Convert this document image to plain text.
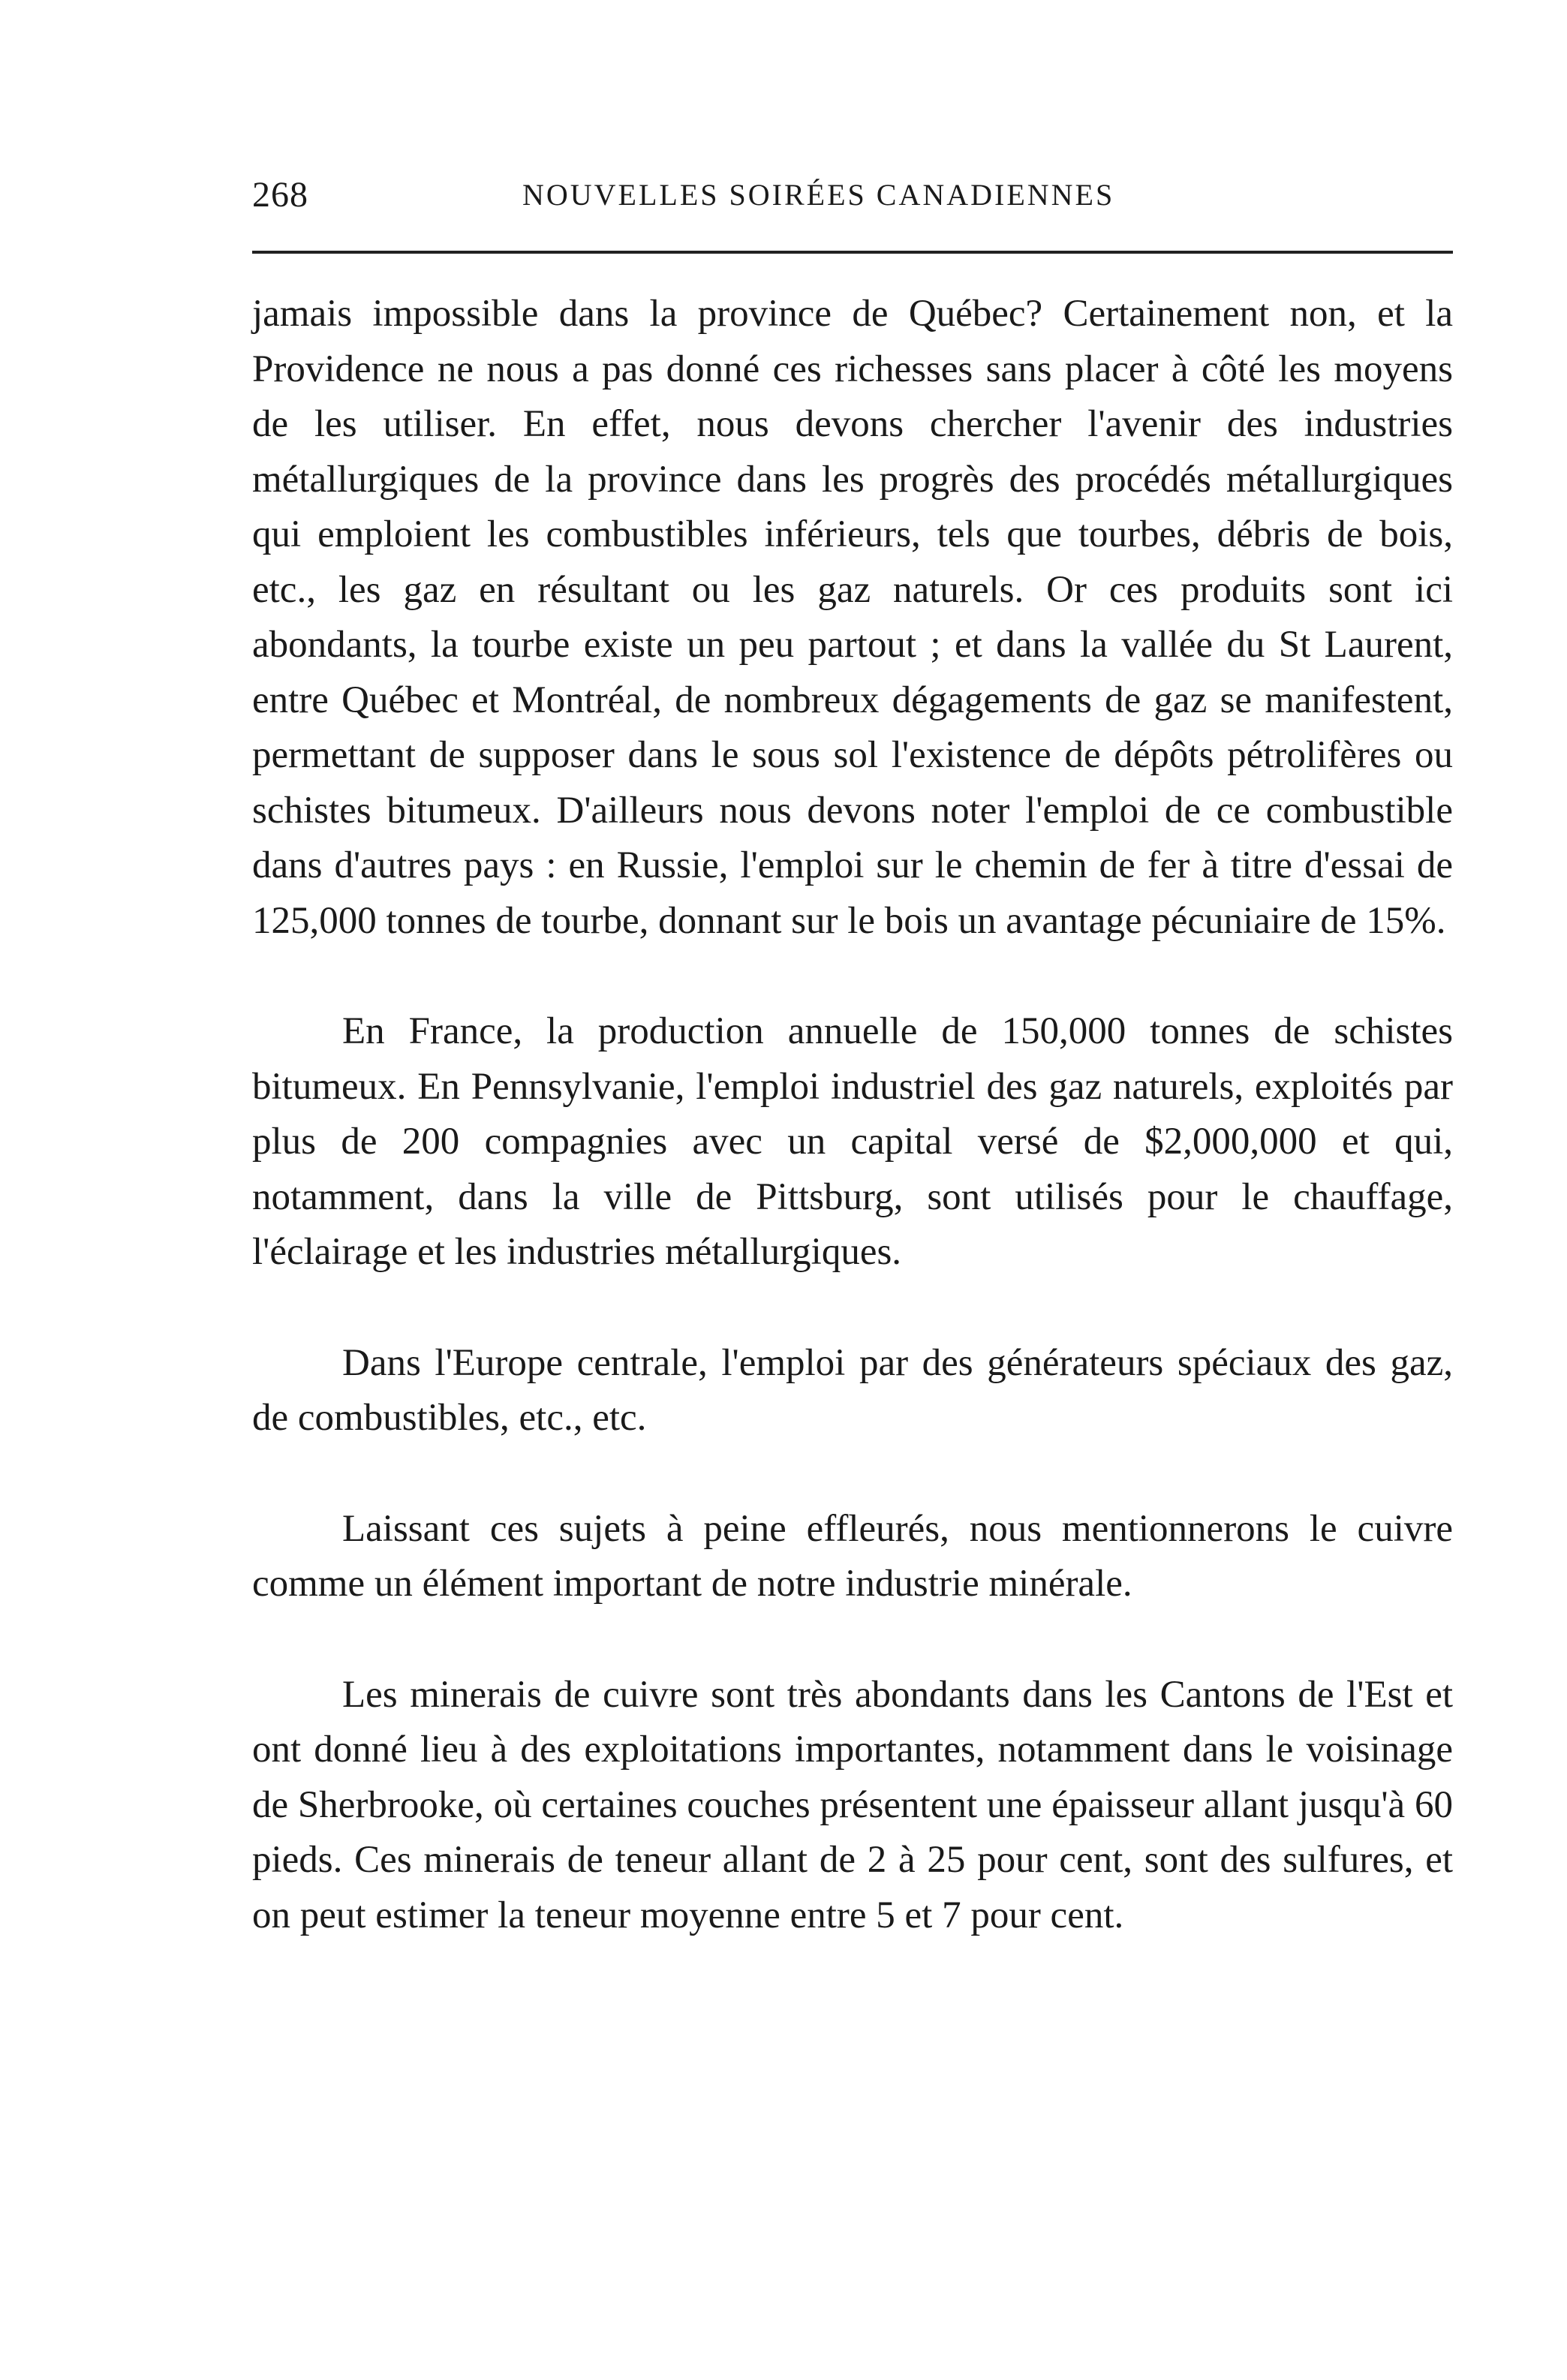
268	NOUVELLES SOIRÉES CANADIENNES

jamais impossible dans la province de Québec? Certainement non, et la Providence ne nous a pas donné ces richesses sans placer à côté les moyens de les utiliser. En effet, nous devons chercher l'avenir des industries métallurgiques de la province dans les progrès des procédés métallurgiques qui emploient les combustibles inférieurs, tels que tourbes, débris de bois, etc., les gaz en résultant ou les gaz naturels. Or ces produits sont ici abondants, la tourbe existe un peu partout ; et dans la vallée du St Laurent, entre Québec et Montréal, de nombreux dégagements de gaz se manifestent, permettant de supposer dans le sous sol l'existence de dépôts pétrolifères ou schistes bitumeux. D'ailleurs nous devons noter l'emploi de ce combustible dans d'autres pays : en Russie, l'emploi sur le chemin de fer à titre d'essai de 125,000 tonnes de tourbe, donnant sur le bois un avantage pécuniaire de 15%.

En France, la production annuelle de 150,000 tonnes de schistes bitumeux. En Pennsylvanie, l'emploi industriel des gaz naturels, exploités par plus de 200 compagnies avec un capital versé de $2,000,000 et qui, notamment, dans la ville de Pittsburg, sont utilisés pour le chauffage, l'éclairage et les industries métallurgiques.

Dans l'Europe centrale, l'emploi par des générateurs spéciaux des gaz, de combustibles, etc., etc.

Laissant ces sujets à peine effleurés, nous mentionnerons le cuivre comme un élément important de notre industrie minérale.

Les minerais de cuivre sont très abondants dans les Cantons de l'Est et ont donné lieu à des exploitations importantes, notamment dans le voisinage de Sherbrooke, où certaines couches présentent une épaisseur allant jusqu'à 60 pieds. Ces minerais de teneur allant de 2 à 25 pour cent, sont des sulfures, et on peut estimer la teneur moyenne entre 5 et 7 pour cent.
